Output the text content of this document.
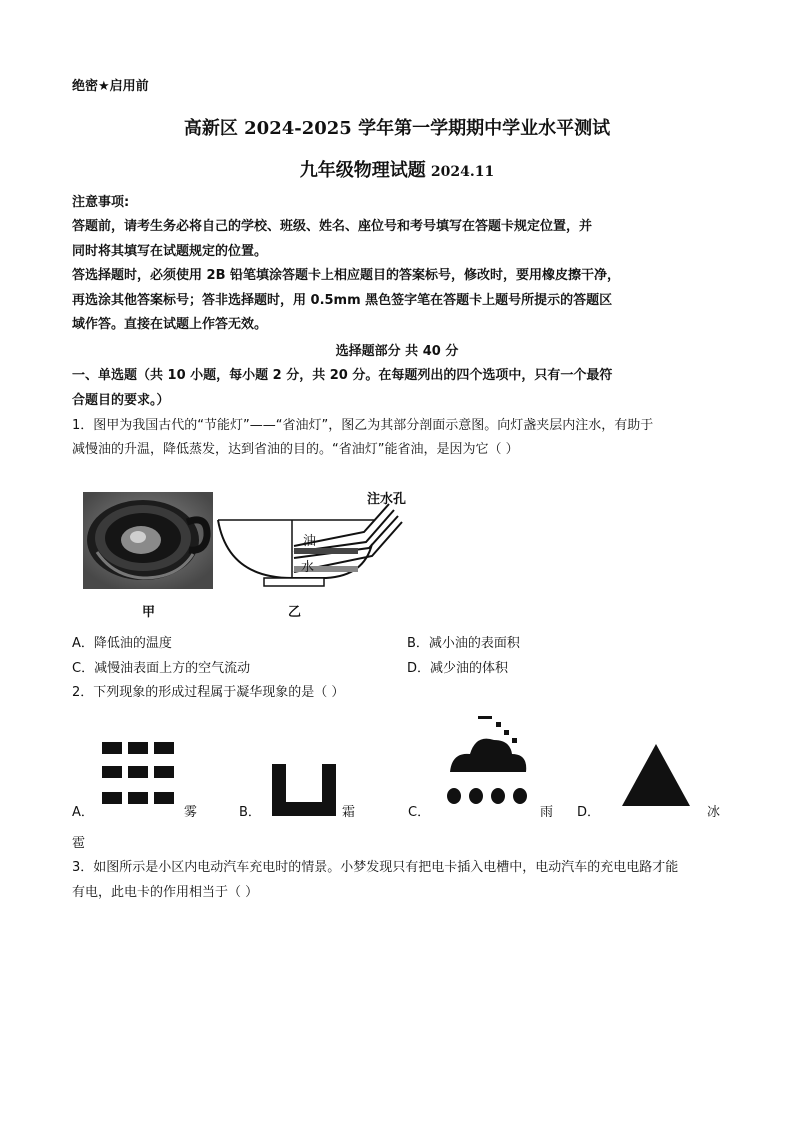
绝密★启用前
高新区 2024-2025 学年第一学期期中学业水平测试
九年级物理试题 2024.11
注意事项:
答题前，请考生务必将自己的学校、班级、姓名、座位号和考号填写在答题卡规定位置，并
同时将其填写在试题规定的位置。
答选择题时，必须使用 2B 铅笔填涂答题卡上相应题目的答案标号，修改时，要用橡皮擦干净，
再选涂其他答案标号；答非选择题时，用 0.5mm 黑色签字笔在答题卡上题号所提示的答题区
域作答。直接在试题上作答无效。
选择题部分 共 40 分
一、单选题（共 10 小题，每小题 2 分，共 20 分。在每题列出的四个选项中，只有一个最符
合题目的要求。）
1．图甲为我国古代的“节能灯”——“省油灯”，图乙为其部分剖面示意图。向灯盏夹层内注水，有助于
减慢油的升温，降低蒸发，达到省油的目的。“省油灯”能省油，是因为它（ ）
注水孔
油
水
甲	乙
A．降低油的温度	B．减小油的表面积
C．减慢油表面上方的空气流动	D．减少油的体积
2．下列现象的形成过程属于凝华现象的是（ ）
A．	雾	B．	霜	C．	雨 D．	冰
雹
3．如图所示是小区内电动汽车充电时的情景。小梦发现只有把电卡插入电槽中，电动汽车的充电电路才能
有电，此电卡的作用相当于（ ）
